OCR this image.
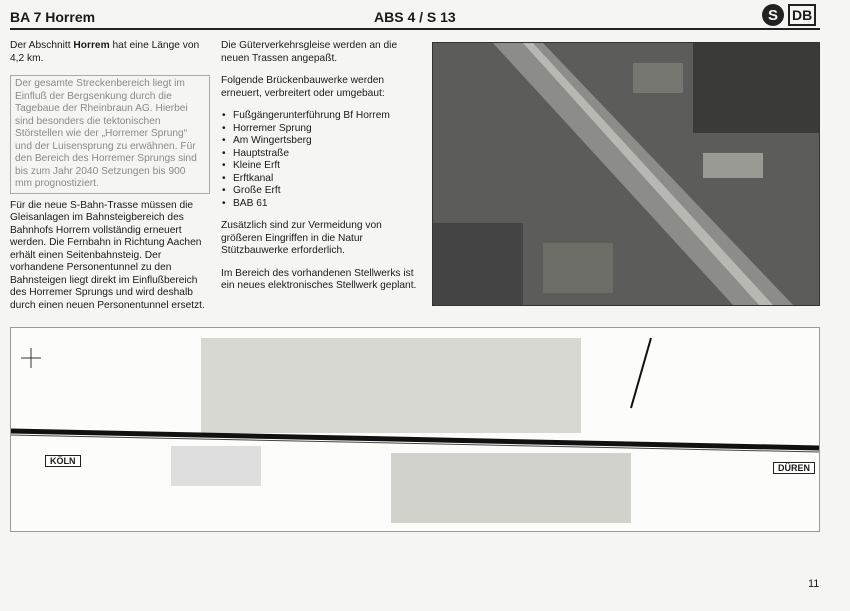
BA 7 Horrem	ABS 4 / S 13	S	DB

Der Abschnitt Horrem hat eine Länge von 4,2 km.

Der gesamte Streckenbereich liegt im Einfluß der Bergsenkung durch die Tagebaue der Rheinbraun AG. Hierbei sind besonders die tektonischen Störstellen wie der „Horremer Sprung“ und der Luisensprung zu erwähnen. Für den Bereich des Horremer Sprungs sind bis zum Jahr 2040 Setzungen bis 900 mm prognostiziert.

Für die neue S-Bahn-Trasse müssen die Gleisanlagen im Bahnsteigbereich des Bahnhofs Horrem vollständig erneuert werden. Die Fernbahn in Richtung Aachen erhält einen Seitenbahnsteig. Der vorhandene Personentunnel zu den Bahnsteigen liegt direkt im Einflußbereich des Horremer Sprungs und wird deshalb durch einen neuen Personentunnel ersetzt.

Die Güterverkehrsgleise werden an die neuen Trassen angepaßt.

Folgende Brückenbauwerke werden erneuert, verbreitert oder umgebaut:

• Fußgängerunterführung Bf Horrem
• Horremer Sprung
• Am Wingertsberg
• Hauptstraße
• Kleine Erft
• Erftkanal
• Große Erft
• BAB 61

Zusätzlich sind zur Vermeidung von größeren Eingriffen in die Natur Stützbauwerke erforderlich.

Im Bereich des vorhandenen Stellwerks ist ein neues elektronisches Stellwerk geplant.

KÖLN
DÜREN
11
